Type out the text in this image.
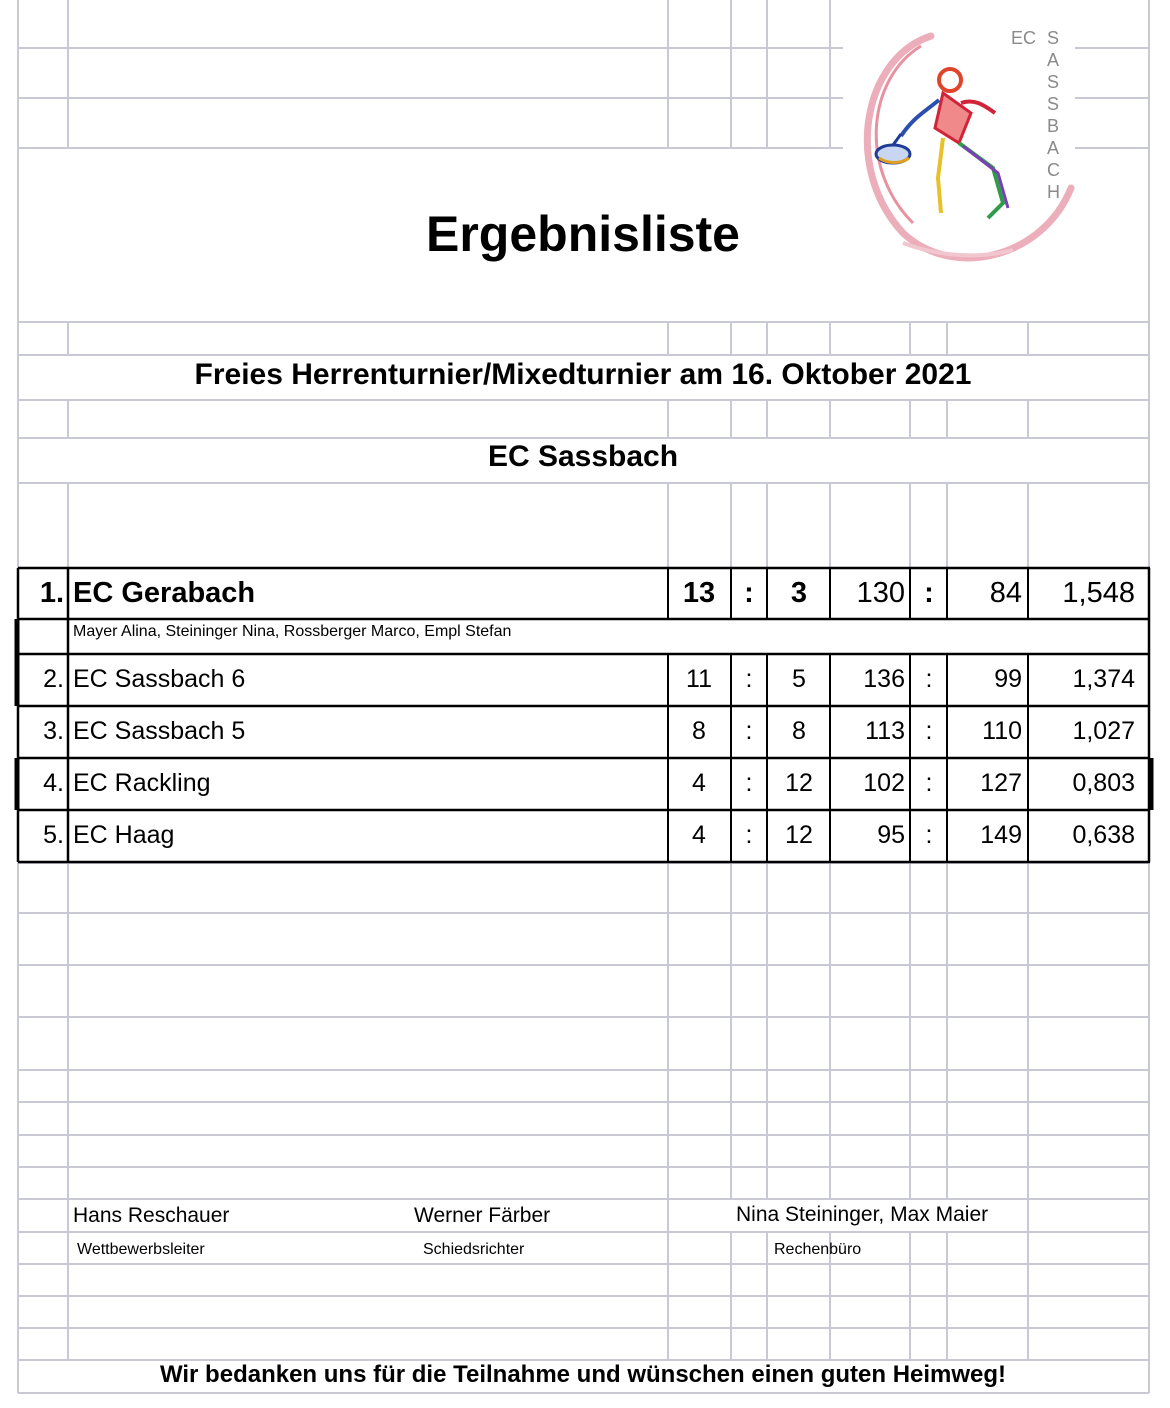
EC S
A
S
S
B
A
C
H
Ergebnisliste
Freies Herrenturnier/Mixedturnier am 16. Oktober 2021
EC Sassbach
1. EC Gerabach	13	:	3	130 :	84	1,548
Mayer Alina, Steininger Nina, Rossberger Marco, Empl Stefan
2. EC Sassbach 6	11	:	5	136 :	99	1,374
3. EC Sassbach 5	8	:	8	113 :	110	1,027
4. EC Rackling	4	:	12	102 :	127	0,803
5. EC Haag	4	:	12	95 :	149	0,638
Hans Reschauer
Wettbewerbsleiter
Werner Färber
Schiedsrichter
Nina Steininger, Max Maier
Rechenbüro
Wir bedanken uns für die Teilnahme und wünschen einen guten Heimweg!
